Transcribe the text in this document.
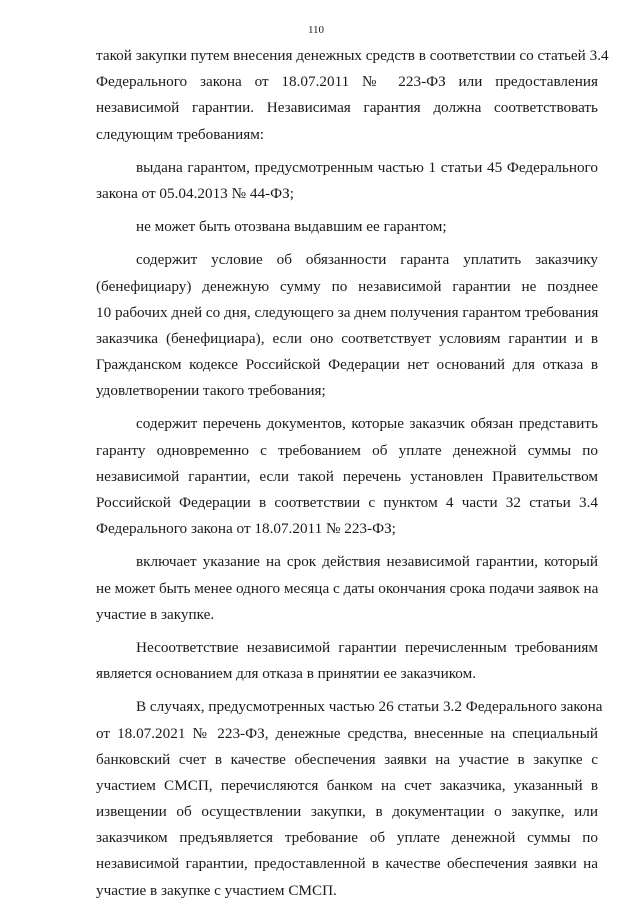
110
такой закупки путем внесения денежных средств в соответствии со статьей 3.4
Федерального закона от 18.07.2011 № 223-ФЗ или предоставления
независимой гарантии. Независимая гарантия должна соответствовать
следующим требованиям:
выдана гарантом, предусмотренным частью 1 статьи 45 Федерального
закона от 05.04.2013 № 44-ФЗ;
не может быть отозвана выдавшим ее гарантом;
содержит условие об обязанности гаранта уплатить заказчику
(бенефициару) денежную сумму по независимой гарантии не позднее
10 рабочих дней со дня, следующего за днем получения гарантом требования
заказчика (бенефициара), если оно соответствует условиям гарантии и в
Гражданском кодексе Российской Федерации нет оснований для отказа в
удовлетворении такого требования;
содержит перечень документов, которые заказчик обязан представить
гаранту одновременно с требованием об уплате денежной суммы по
независимой гарантии, если такой перечень установлен Правительством
Российской Федерации в соответствии с пунктом 4 части 32 статьи 3.4
Федерального закона от 18.07.2011 № 223-ФЗ;
включает указание на срок действия независимой гарантии, который
не может быть менее одного месяца с даты окончания срока подачи заявок на
участие в закупке.
Несоответствие независимой гарантии перечисленным требованиям
является основанием для отказа в принятии ее заказчиком.
В случаях, предусмотренных частью 26 статьи 3.2 Федерального закона
от 18.07.2021 № 223-ФЗ, денежные средства, внесенные на специальный
банковский счет в качестве обеспечения заявки на участие в закупке с
участием СМСП, перечисляются банком на счет заказчика, указанный в
извещении об осуществлении закупки, в документации о закупке, или
заказчиком предъявляется требование об уплате денежной суммы по
независимой гарантии, предоставленной в качестве обеспечения заявки на
участие в закупке с участием СМСП.
